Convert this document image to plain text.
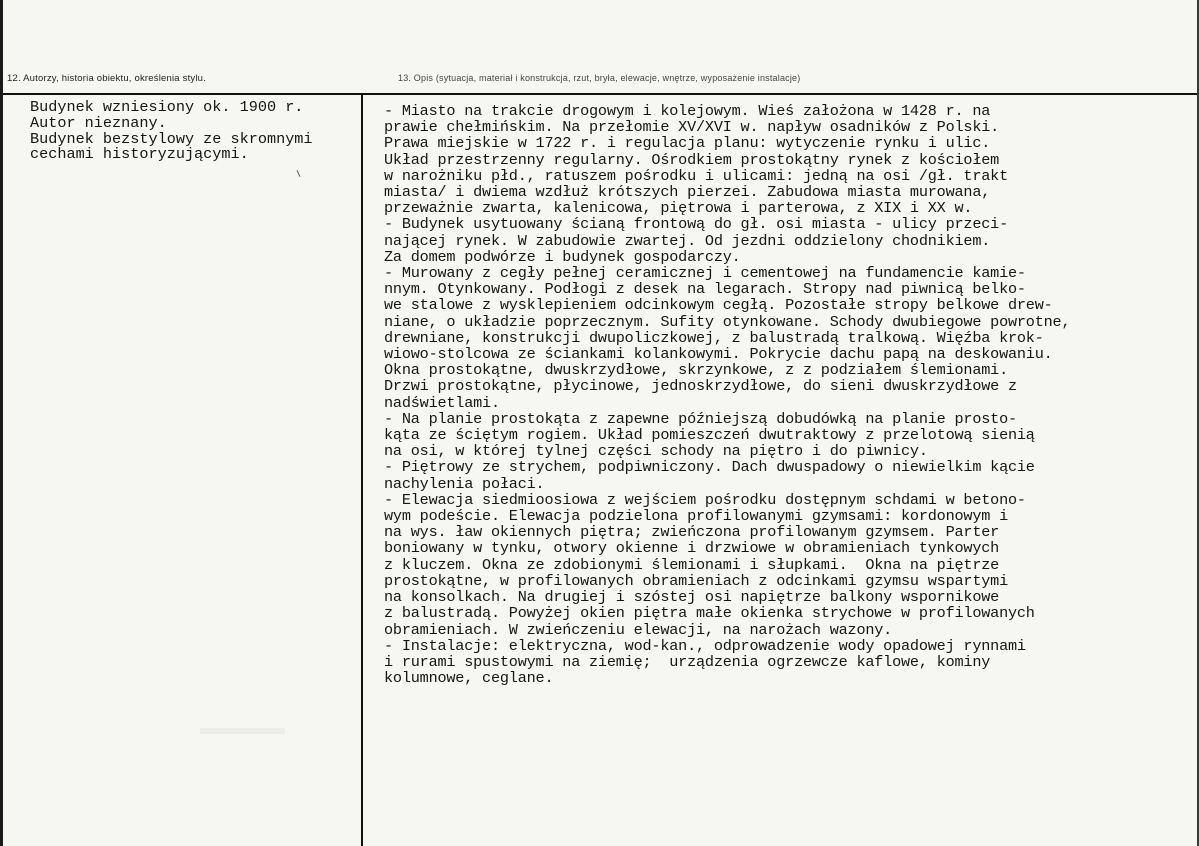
12. Autorzy, historia obiektu, określenia stylu.	13. Opis (sytuacja, materiał i konstrukcja, rzut, bryła, elewacje, wnętrze, wyposażenie instalacje)
Budynek wzniesiony ok. 1900 r.
Autor nieznany.
Budynek bezstylowy ze skromnymi
cechami historyzującymi.
- Miasto na trakcie drogowym i kolejowym. Wieś założona w 1428 r. na
prawie chełmińskim. Na przełomie XV/XVI w. napływ osadników z Polski.
Prawa miejskie w 1722 r. i regulacja planu: wytyczenie rynku i ulic.
Układ przestrzenny regularny. Ośrodkiem prostokątny rynek z kościołem
w narożniku płd., ratuszem pośrodku i ulicami: jedną na osi /gł. trakt
miasta/ i dwiema wzdłuż krótszych pierzei. Zabudowa miasta murowana,
przeważnie zwarta, kalenicowa, piętrowa i parterowa, z XIX i XX w.
- Budynek usytuowany ścianą frontową do gł. osi miasta - ulicy przeci-
nającej rynek. W zabudowie zwartej. Od jezdni oddzielony chodnikiem.
Za domem podwórze i budynek gospodarczy.
- Murowany z cegły pełnej ceramicznej i cementowej na fundamencie kamie-
nnym. Otynkowany. Podłogi z desek na legarach. Stropy nad piwnicą belko-
we stalowe z wysklepieniem odcinkowym cegłą. Pozostałe stropy belkowe drew-
niane, o układzie poprzecznym. Sufity otynkowane. Schody dwubiegowe powrotne,
drewniane, konstrukcji dwupoliczkowej, z balustradą tralkową. Więźba krok-
wiowo-stolcowa ze ściankami kolankowymi. Pokrycie dachu papą na deskowaniu.
Okna prostokątne, dwuskrzydłowe, skrzynkowe, z z podziałem ślemionami.
Drzwi prostokątne, płycinowe, jednoskrzydłowe, do sieni dwuskrzydłowe z
nadświetlami.
- Na planie prostokąta z zapewne późniejszą dobudówką na planie prosto-
kąta ze ściętym rogiem. Układ pomieszczeń dwutraktowy z przelotową sienią
na osi, w której tylnej części schody na piętro i do piwnicy.
- Piętrowy ze strychem, podpiwniczony. Dach dwuspadowy o niewielkim kącie
nachylenia połaci.
- Elewacja siedmioosiowa z wejściem pośrodku dostępnym schdami w betono-
wym podeście. Elewacja podzielona profilowanymi gzymsami: kordonowym i
na wys. ław okiennych piętra; zwieńczona profilowanym gzymsem. Parter
boniowany w tynku, otwory okienne i drzwiowe w obramieniach tynkowych
z kluczem. Okna ze zdobionymi ślemionami i słupkami.  Okna na piętrze
prostokątne, w profilowanych obramieniach z odcinkami gzymsu wspartymi
na konsolkach. Na drugiej i szóstej osi napiętrze balkony wspornikowe
z balustradą. Powyżej okien piętra małe okienka strychowe w profilowanych
obramieniach. W zwieńczeniu elewacji, na narożach wazony.
- Instalacje: elektryczna, wod-kan., odprowadzenie wody opadowej rynnami
i rurami spustowymi na ziemię;  urządzenia ogrzewcze kaflowe, kominy
kolumnowe, ceglane.
